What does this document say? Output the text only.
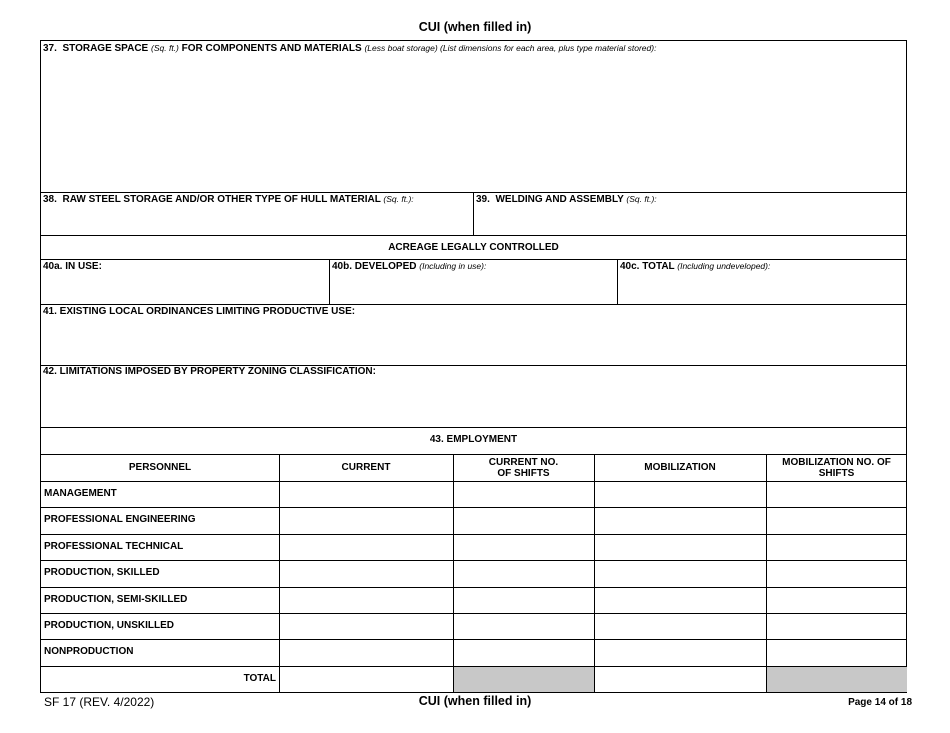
CUI (when filled in)
37. STORAGE SPACE (Sq. ft.) FOR COMPONENTS AND MATERIALS (Less boat storage) (List dimensions for each area, plus type material stored):
38. RAW STEEL STORAGE AND/OR OTHER TYPE OF HULL MATERIAL (Sq. ft.):	39. WELDING AND ASSEMBLY (Sq. ft.):
ACREAGE LEGALLY CONTROLLED
40a. IN USE:	40b. DEVELOPED (Including in use):	40c. TOTAL (Including undeveloped):
41. EXISTING LOCAL ORDINANCES LIMITING PRODUCTIVE USE:
42. LIMITATIONS IMPOSED BY PROPERTY ZONING CLASSIFICATION:
43. EMPLOYMENT
PERSONNEL	CURRENT	CURRENT NO. OF SHIFTS	MOBILIZATION	MOBILIZATION NO. OF SHIFTS
MANAGEMENT
PROFESSIONAL ENGINEERING
PROFESSIONAL TECHNICAL
PRODUCTION, SKILLED
PRODUCTION, SEMI-SKILLED
PRODUCTION, UNSKILLED
NONPRODUCTION
TOTAL
SF 17 (REV. 4/2022)	CUI (when filled in)	Page 14 of 18
